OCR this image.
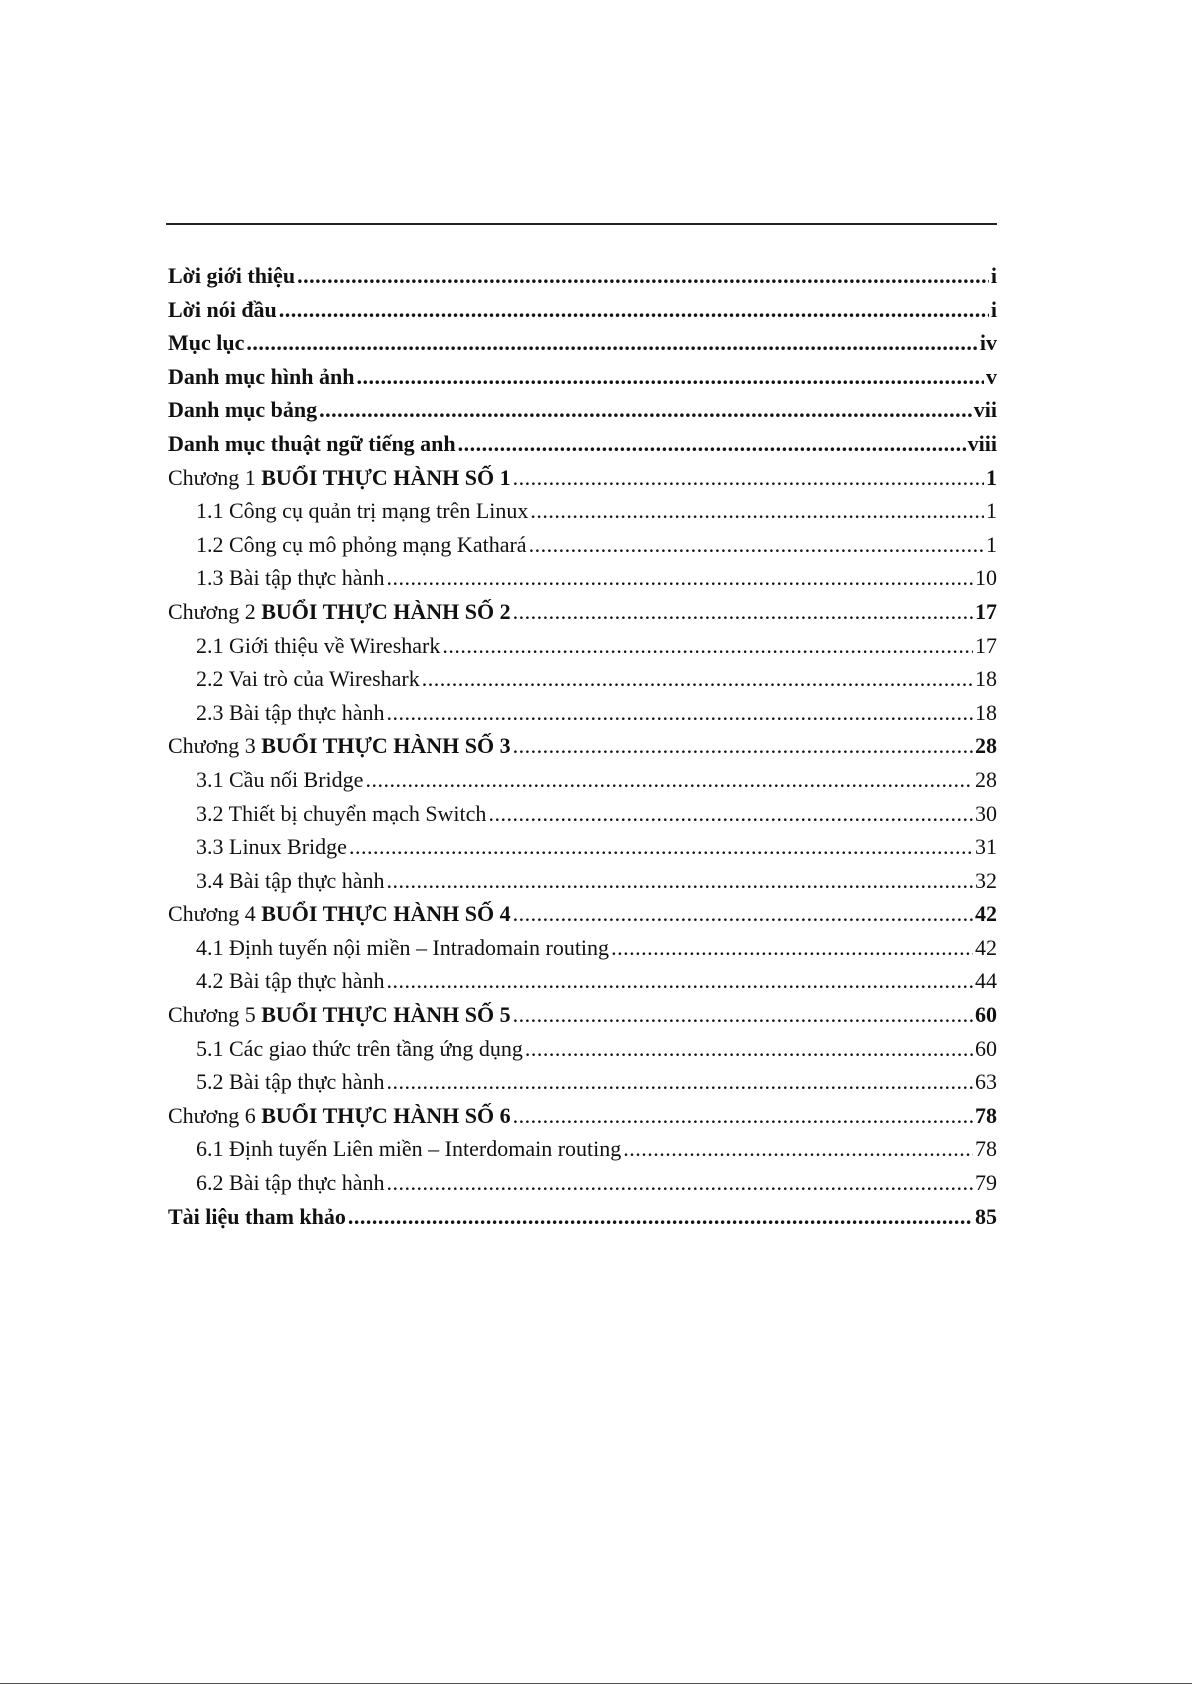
Lời giới thiệu .....	i
Lời nói đầu .....	i
Mục lục .....	iv
Danh mục hình ảnh .....	v
Danh mục bảng .....	vii
Danh mục thuật ngữ tiếng anh .....	viii
Chương 1 BUỔI THỰC HÀNH SỐ 1 .....	1
1.1 Công cụ quản trị mạng trên Linux .....	1
1.2 Công cụ mô phỏng mạng Kathará .....	1
1.3 Bài tập thực hành .....	10
Chương 2 BUỔI THỰC HÀNH SỐ 2 .....	17
2.1 Giới thiệu về Wireshark .....	17
2.2 Vai trò của Wireshark .....	18
2.3 Bài tập thực hành .....	18
Chương 3 BUỔI THỰC HÀNH SỐ 3 .....	28
3.1 Cầu nối Bridge .....	28
3.2 Thiết bị chuyển mạch Switch .....	30
3.3 Linux Bridge .....	31
3.4 Bài tập thực hành .....	32
Chương 4 BUỔI THỰC HÀNH SỐ 4 .....	42
4.1 Định tuyến nội miền – Intradomain routing .....	42
4.2 Bài tập thực hành .....	44
Chương 5 BUỔI THỰC HÀNH SỐ 5 .....	60
5.1 Các giao thức trên tầng ứng dụng .....	60
5.2 Bài tập thực hành .....	63
Chương 6 BUỔI THỰC HÀNH SỐ 6 .....	78
6.1 Định tuyến Liên miền – Interdomain routing .....	78
6.2 Bài tập thực hành .....	79
Tài liệu tham khảo .....	85
